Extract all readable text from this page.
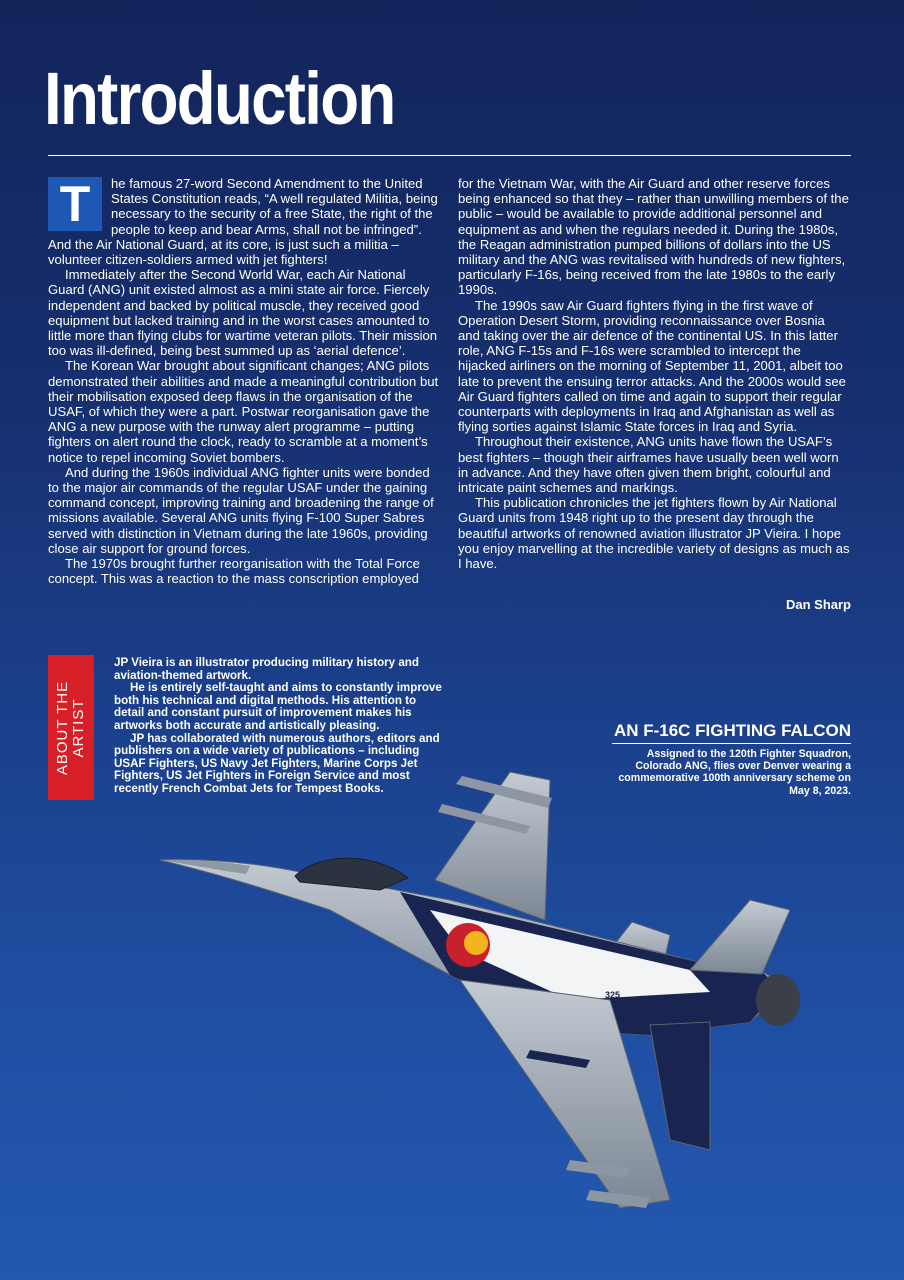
Introduction

T	he famous 27-word Second Amendment to the United States Constitution reads, “A well regulated Militia, being necessary to the security of a free State, the right of the people to keep and bear Arms, shall not be infringed”. And the Air National Guard, at its core, is just such a militia – volunteer citizen-soldiers armed with jet fighters!

Immediately after the Second World War, each Air National Guard (ANG) unit existed almost as a mini state air force. Fiercely independent and backed by political muscle, they received good equipment but lacked training and in the worst cases amounted to little more than flying clubs for wartime veteran pilots. Their mission too was ill-defined, being best summed up as ‘aerial defence’.

The Korean War brought about significant changes; ANG pilots demonstrated their abilities and made a meaningful contribution but their mobilisation exposed deep flaws in the organisation of the USAF, of which they were a part. Postwar reorganisation gave the ANG a new purpose with the runway alert programme – putting fighters on alert round the clock, ready to scramble at a moment’s notice to repel incoming Soviet bombers.

And during the 1960s individual ANG fighter units were bonded to the major air commands of the regular USAF under the gaining command concept, improving training and broadening the range of missions available. Several ANG units flying F-100 Super Sabres served with distinction in Vietnam during the late 1960s, providing close air support for ground forces.

The 1970s brought further reorganisation with the Total Force concept. This was a reaction to the mass conscription employed

for the Vietnam War, with the Air Guard and other reserve forces being enhanced so that they – rather than unwilling members of the public – would be available to provide additional personnel and equipment as and when the regulars needed it. During the 1980s, the Reagan administration pumped billions of dollars into the US military and the ANG was revitalised with hundreds of new fighters, particularly F-16s, being received from the late 1980s to the early 1990s.

The 1990s saw Air Guard fighters flying in the first wave of Operation Desert Storm, providing reconnaissance over Bosnia and taking over the air defence of the continental US. In this latter role, ANG F-15s and F-16s were scrambled to intercept the hijacked airliners on the morning of September 11, 2001, albeit too late to prevent the ensuing terror attacks. And the 2000s would see Air Guard fighters called on time and again to support their regular counterparts with deployments in Iraq and Afghanistan as well as flying sorties against Islamic State forces in Iraq and Syria.

Throughout their existence, ANG units have flown the USAF’s best fighters – though their airframes have usually been well worn in advance. And they have often given them bright, colourful and intricate paint schemes and markings.

This publication chronicles the jet fighters flown by Air National Guard units from 1948 right up to the present day through the beautiful artworks of renowned aviation illustrator JP Vieira. I hope you enjoy marvelling at the incredible variety of designs as much as I have.

Dan Sharp
ABOUT THE ARTIST

JP Vieira is an illustrator producing military history and aviation-themed artwork.

He is entirely self-taught and aims to constantly improve both his technical and digital methods. His attention to detail and constant pursuit of improvement makes his artworks both accurate and artistically pleasing.

JP has collaborated with numerous authors, editors and publishers on a wide variety of publications – including USAF Fighters, US Navy Jet Fighters, Marine Corps Jet Fighters, US Jet Fighters in Foreign Service and most recently French Combat Jets for Tempest Books.

AN F-16C FIGHTING FALCON
Assigned to the 120th Fighter Squadron, Colorado ANG, flies over Denver wearing a commemorative 100th anniversary scheme on May 8, 2023.
325
